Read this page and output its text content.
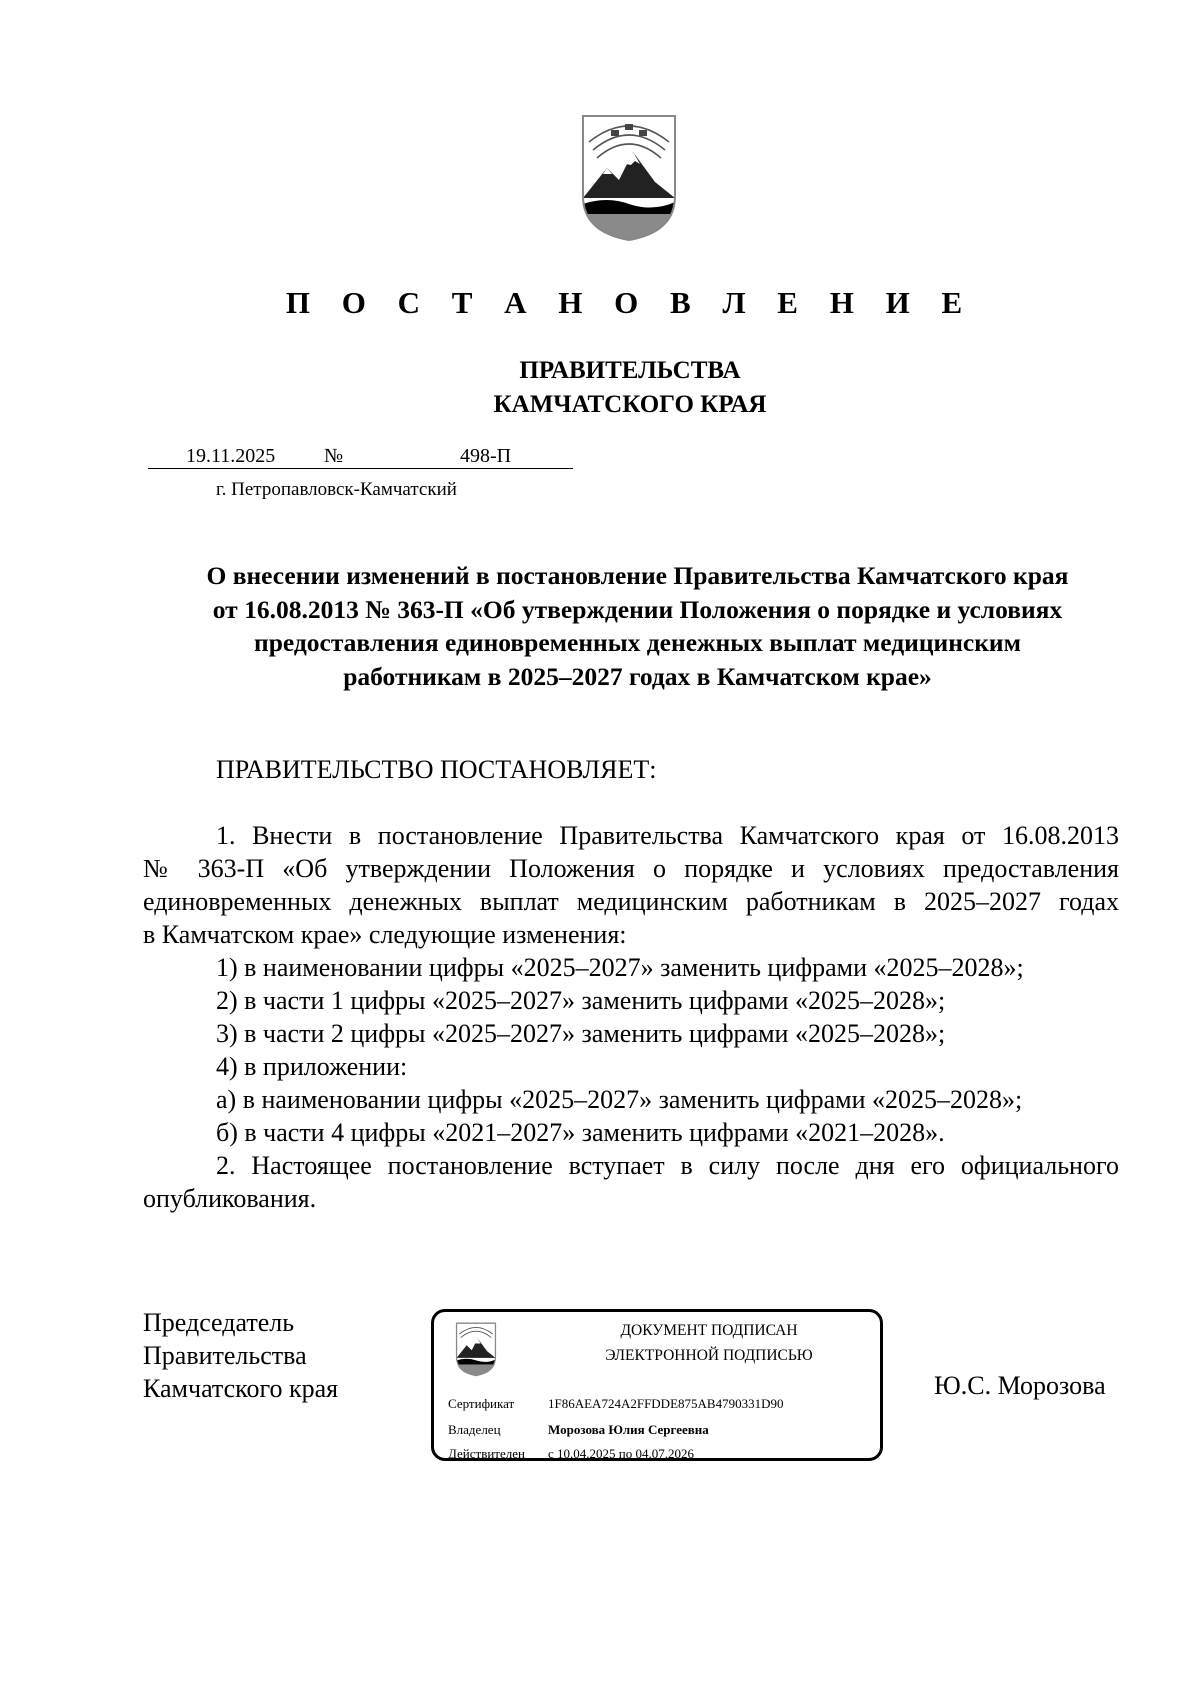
П О С Т А Н О В Л Е Н И Е
ПРАВИТЕЛЬСТВА
КАМЧАТСКОГО КРАЯ
19.11.2025 №	498-П
г. Петропавловск-Камчатский
О внесении изменений в постановление Правительства Камчатского края
от 16.08.2013 № 363-П «Об утверждении Положения о порядке и условиях
предоставления единовременных денежных выплат медицинским
работникам в 2025–2027 годах в Камчатском крае»
ПРАВИТЕЛЬСТВО ПОСТАНОВЛЯЕТ:

1. Внести в постановление Правительства Камчатского края от 16.08.2013
№ 363-П «Об утверждении Положения о порядке и условиях предоставления
единовременных денежных выплат медицинским работникам в 2025–2027 годах
в Камчатском крае» следующие изменения:

1) в наименовании цифры «2025–2027» заменить цифрами «2025–2028»;

2) в части 1 цифры «2025–2027» заменить цифрами «2025–2028»;

3) в части 2 цифры «2025–2027» заменить цифрами «2025–2028»;

4) в приложении:

а) в наименовании цифры «2025–2027» заменить цифрами «2025–2028»;

б) в части 4 цифры «2021–2027» заменить цифрами «2021–2028».

2. Настоящее постановление вступает в силу после дня его официального
опубликования.

Председатель
Правительства
Камчатского края
ДОКУМЕНТ ПОДПИСАН
ЭЛЕКТРОННОЙ ПОДПИСЬЮ
Сертификат	1F86AEA724A2FFDDE875AB4790331D90
Владелец	Морозова Юлия Сергеевна
Действителен с 10.04.2025 по 04.07.2026
Ю.С. Морозова
